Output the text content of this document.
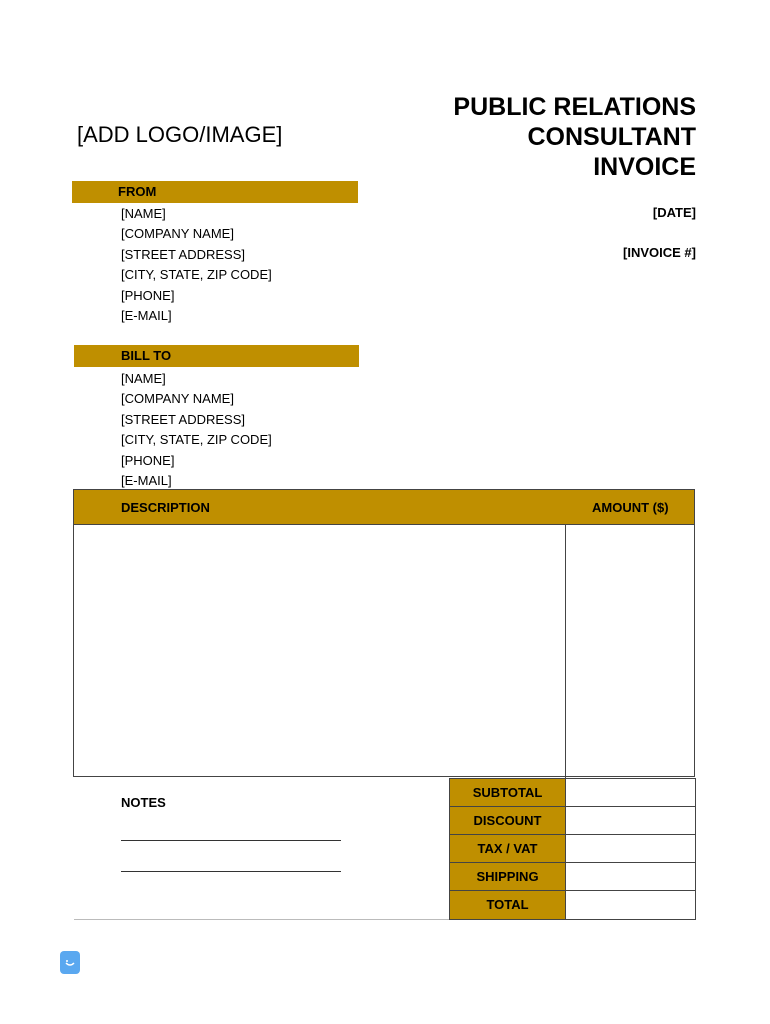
[ADD LOGO/IMAGE]
PUBLIC RELATIONS
CONSULTANT
INVOICE
FROM
[NAME]
[COMPANY NAME]
[STREET ADDRESS]
[CITY, STATE, ZIP CODE]
[PHONE]
[E-MAIL]
[DATE]
[INVOICE #]
BILL TO
[NAME]
[COMPANY NAME]
[STREET ADDRESS]
[CITY, STATE, ZIP CODE]
[PHONE]
[E-MAIL]
DESCRIPTION	AMOUNT ($)
NOTES
SUBTOTAL
DISCOUNT
TAX / VAT
SHIPPING
TOTAL
